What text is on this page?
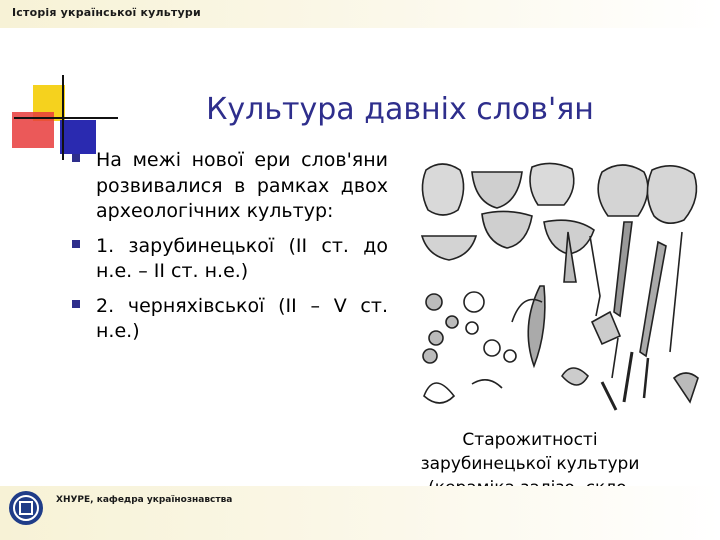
Історія української культури
Культура давніх слов'ян
На межі нової ери слов'яни розвивалися в рамках двох археологічних культур:
1. зарубинецької (II ст. до н.е. – II ст. н.е.)
2. черняхівської (II – V ст. н.е.)
Старожитності
зарубинецької культури
ХНУРЕ, кафедра українознавства
